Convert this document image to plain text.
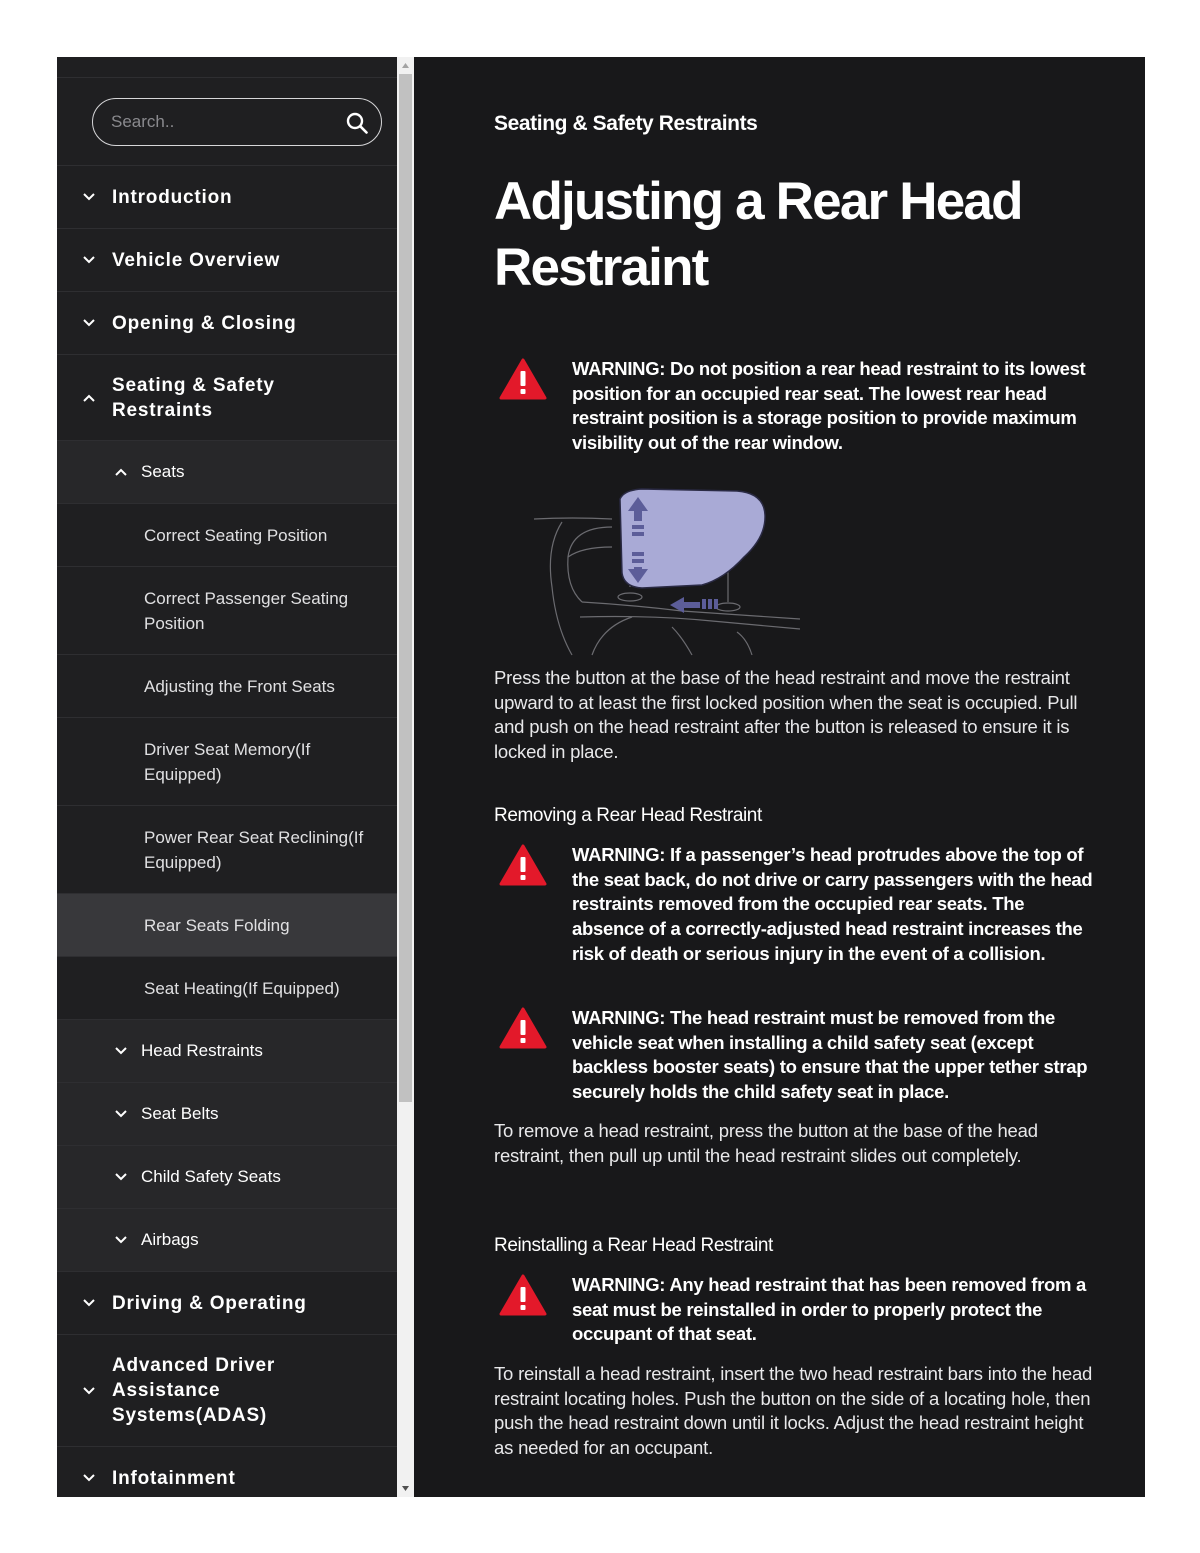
Search..
Introduction
Vehicle Overview
Opening & Closing
Seating & Safety Restraints
Seats
Correct Seating Position
Correct Passenger Seating Position
Adjusting the Front Seats
Driver Seat Memory(If Equipped)
Power Rear Seat Reclining(If Equipped)
Rear Seats Folding
Seat Heating(If Equipped)
Head Restraints
Seat Belts
Child Safety Seats
Airbags
Driving & Operating
Advanced Driver Assistance Systems(ADAS)
Infotainment
Seating & Safety Restraints
Adjusting a Rear Head Restraint
WARNING: Do not position a rear head restraint to its lowest position for an occupied rear seat. The lowest rear head restraint position is a storage position to provide maximum visibility out of the rear window.
Press the button at the base of the head restraint and move the restraint upward to at least the first locked position when the seat is occupied. Pull and push on the head restraint after the button is released to ensure it is locked in place.
Removing a Rear Head Restraint
WARNING: If a passenger’s head protrudes above the top of the seat back, do not drive or carry passengers with the head restraints removed from the occupied rear seats. The absence of a correctly-adjusted head restraint increases the risk of death or serious injury in the event of a collision.
WARNING: The head restraint must be removed from the vehicle seat when installing a child safety seat (except backless booster seats) to ensure that the upper tether strap securely holds the child safety seat in place.
To remove a head restraint, press the button at the base of the head restraint, then pull up until the head restraint slides out completely.
Reinstalling a Rear Head Restraint
WARNING: Any head restraint that has been removed from a seat must be reinstalled in order to properly protect the occupant of that seat.
To reinstall a head restraint, insert the two head restraint bars into the head restraint locating holes. Push the button on the side of a locating hole, then push the head restraint down until it locks. Adjust the head restraint height as needed for an occupant.
